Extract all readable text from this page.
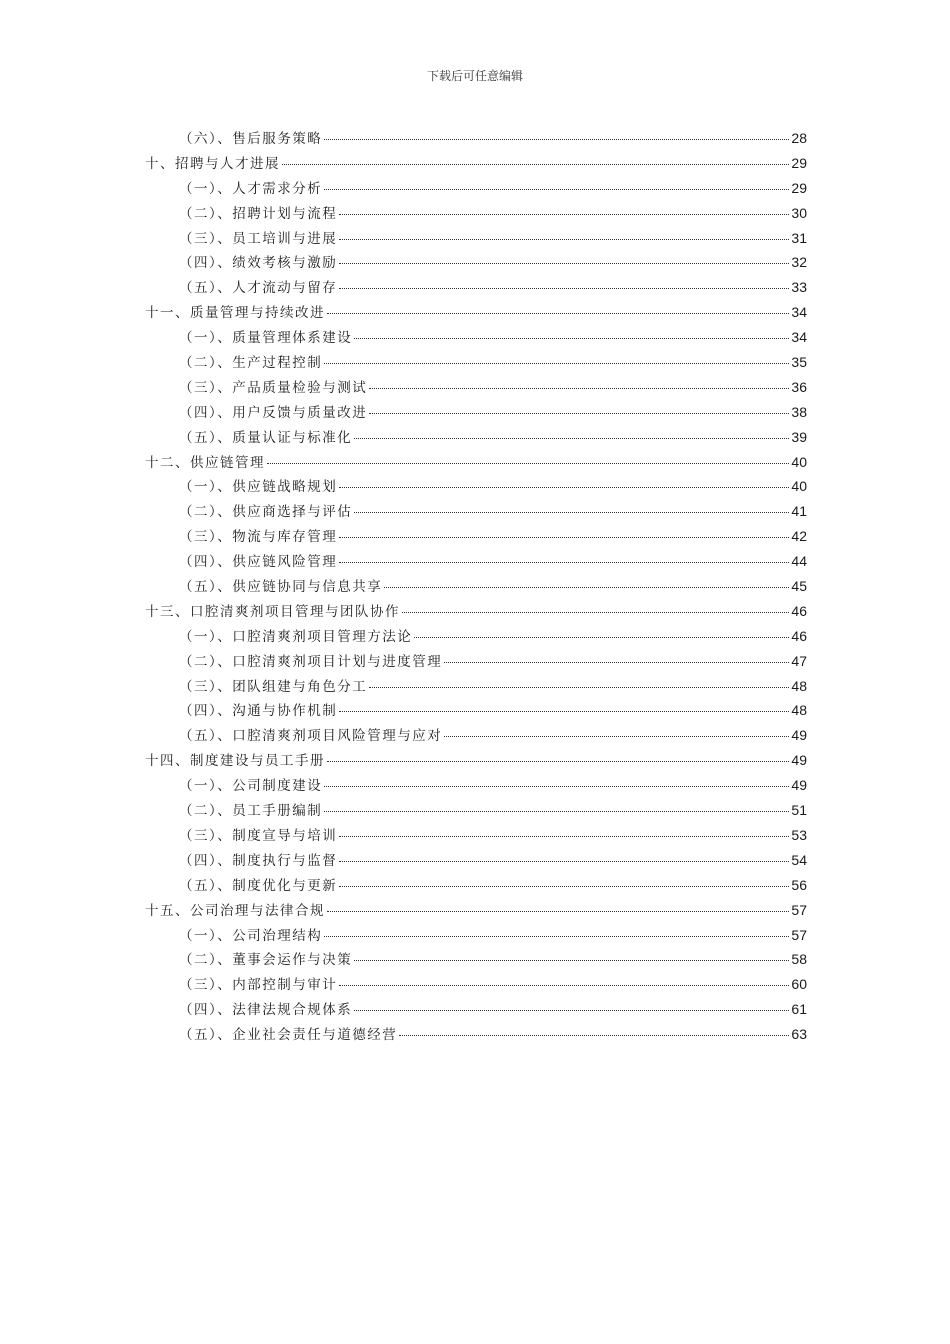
下载后可任意编辑
（六）、售后服务策略	28
十、招聘与人才进展	29
（一）、人才需求分析	29
（二）、招聘计划与流程	30
（三）、员工培训与进展	31
（四）、绩效考核与激励	32
（五）、人才流动与留存	33
十一、质量管理与持续改进	34
（一）、质量管理体系建设	34
（二）、生产过程控制	35
（三）、产品质量检验与测试	36
（四）、用户反馈与质量改进	38
（五）、质量认证与标准化	39
十二、供应链管理	40
（一）、供应链战略规划	40
（二）、供应商选择与评估	41
（三）、物流与库存管理	42
（四）、供应链风险管理	44
（五）、供应链协同与信息共享	45
十三、口腔清爽剂项目管理与团队协作	46
（一）、口腔清爽剂项目管理方法论	46
（二）、口腔清爽剂项目计划与进度管理	47
（三）、团队组建与角色分工	48
（四）、沟通与协作机制	48
（五）、口腔清爽剂项目风险管理与应对	49
十四、制度建设与员工手册	49
（一）、公司制度建设	49
（二）、员工手册编制	51
（三）、制度宣导与培训	53
（四）、制度执行与监督	54
（五）、制度优化与更新	56
十五、公司治理与法律合规	57
（一）、公司治理结构	57
（二）、董事会运作与决策	58
（三）、内部控制与审计	60
（四）、法律法规合规体系	61
（五）、企业社会责任与道德经营	63
